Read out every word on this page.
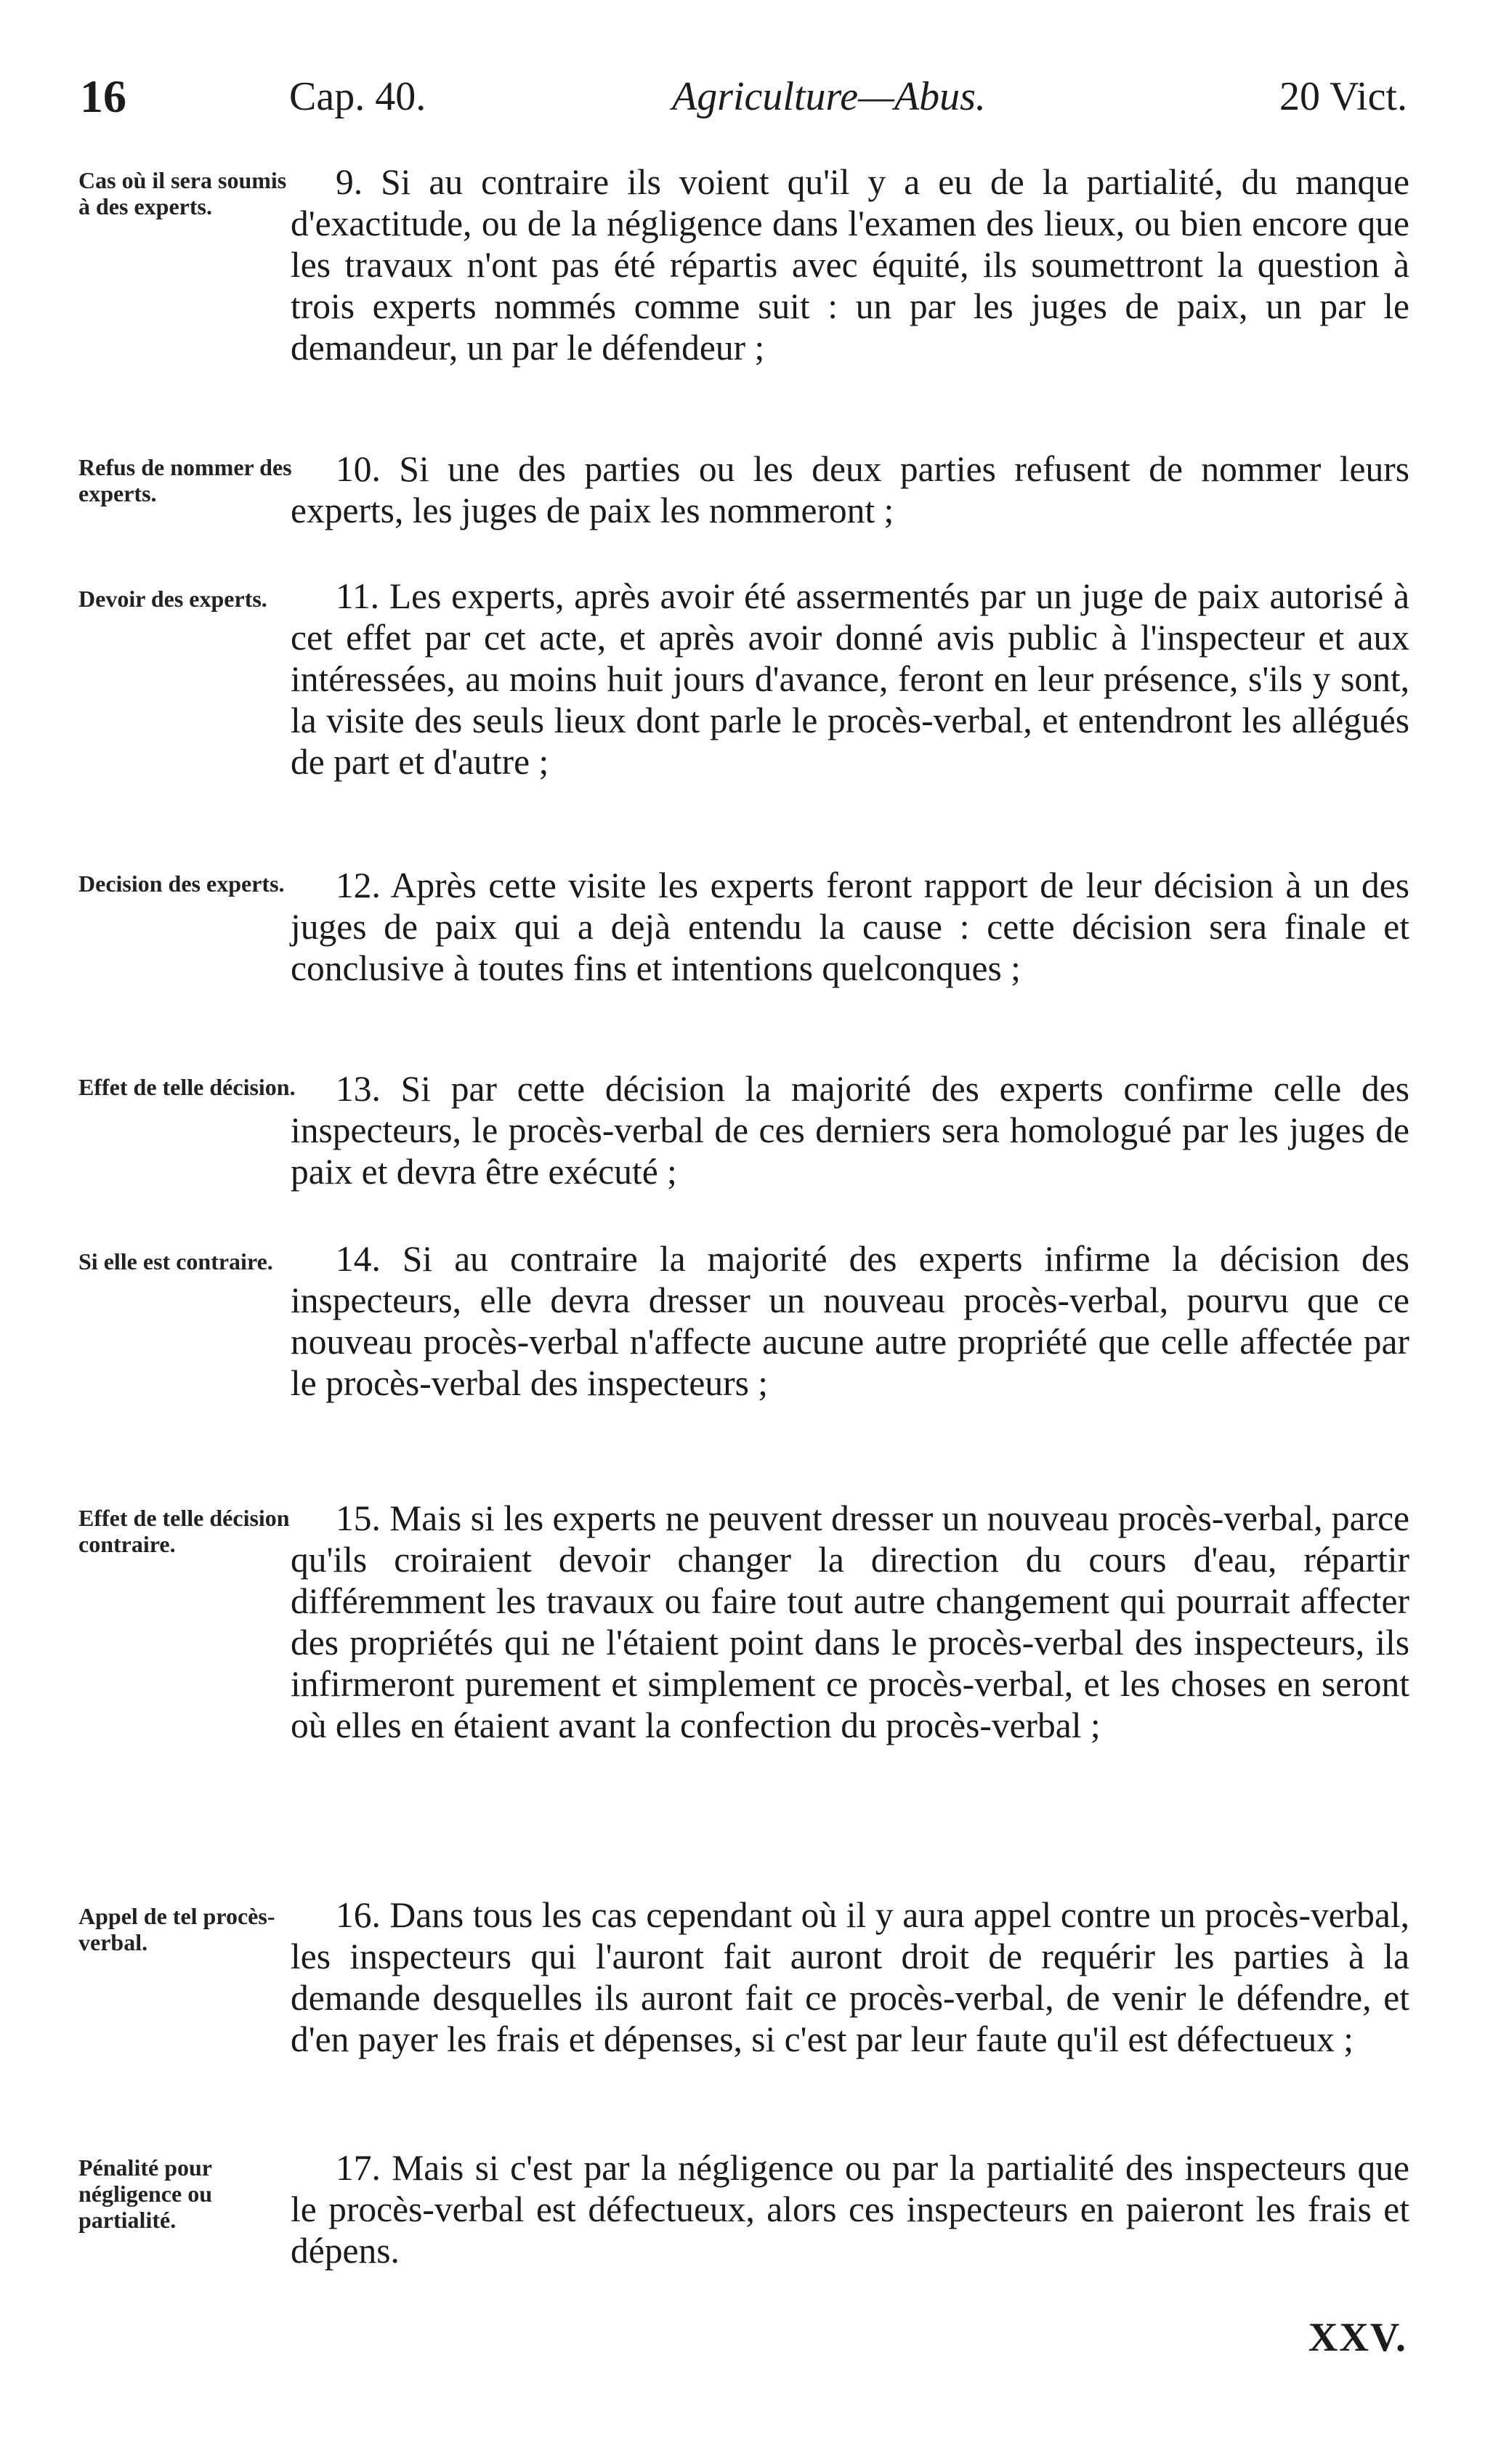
16	Cap. 40.	Agriculture—Abus.	20 Vict.
Cas où il sera soumis à des experts.

9. Si au contraire ils voient qu'il y a eu de la partialité, du manque d'exactitude, ou de la négligence dans l'examen des lieux, ou bien encore que les travaux n'ont pas été répartis avec équité, ils soumettront la question à trois experts nommés comme suit : un par les juges de paix, un par le demandeur, un par le défendeur ;

Refus de nommer des experts.

10. Si une des parties ou les deux parties refusent de nommer leurs experts, les juges de paix les nommeront ;

Devoir des experts.	11. Les experts, après avoir été assermentés par un juge de paix autorisé à cet effet par cet acte, et après avoir donné avis public à l'inspecteur et aux intéressées, au moins huit jours d'avance, feront en leur présence, s'ils y sont, la visite des seuls lieux dont parle le procès-verbal, et entendront les allégués de part et d'autre ;

Decision des experts.	12. Après cette visite les experts feront rapport de leur décision à un des juges de paix qui a dejà entendu la cause : cette décision sera finale et conclusive à toutes fins et intentions quelconques ;

Effet de telle décision.	13. Si par cette décision la majorité des experts confirme celle des inspecteurs, le procès-verbal de ces derniers sera homologué par les juges de paix et devra être exécuté ;

Si elle est contraire.	14. Si au contraire la majorité des experts infirme la décision des inspecteurs, elle devra dresser un nouveau procès-verbal, pourvu que ce nouveau procès-verbal n'affecte aucune autre propriété que celle affectée par le procès-verbal des inspecteurs ;

Effet de telle décision contraire.

15. Mais si les experts ne peuvent dresser un nouveau procès-verbal, parce qu'ils croiraient devoir changer la direction du cours d'eau, répartir différemment les travaux ou faire tout autre changement qui pourrait affecter des propriétés qui ne l'étaient point dans le procès-verbal des inspecteurs, ils infirmeront purement et simplement ce procès-verbal, et les choses en seront où elles en étaient avant la confection du procès-verbal ;

Appel de tel procès-verbal.

16. Dans tous les cas cependant où il y aura appel contre un procès-verbal, les inspecteurs qui l'auront fait auront droit de requérir les parties à la demande desquelles ils auront fait ce procès-verbal, de venir le défendre, et d'en payer les frais et dépenses, si c'est par leur faute qu'il est défectueux ;

Pénalité pour négligence ou partialité.

17. Mais si c'est par la négligence ou par la partialité des inspecteurs que le procès-verbal est défectueux, alors ces inspecteurs en paieront les frais et dépens.

XXV.
